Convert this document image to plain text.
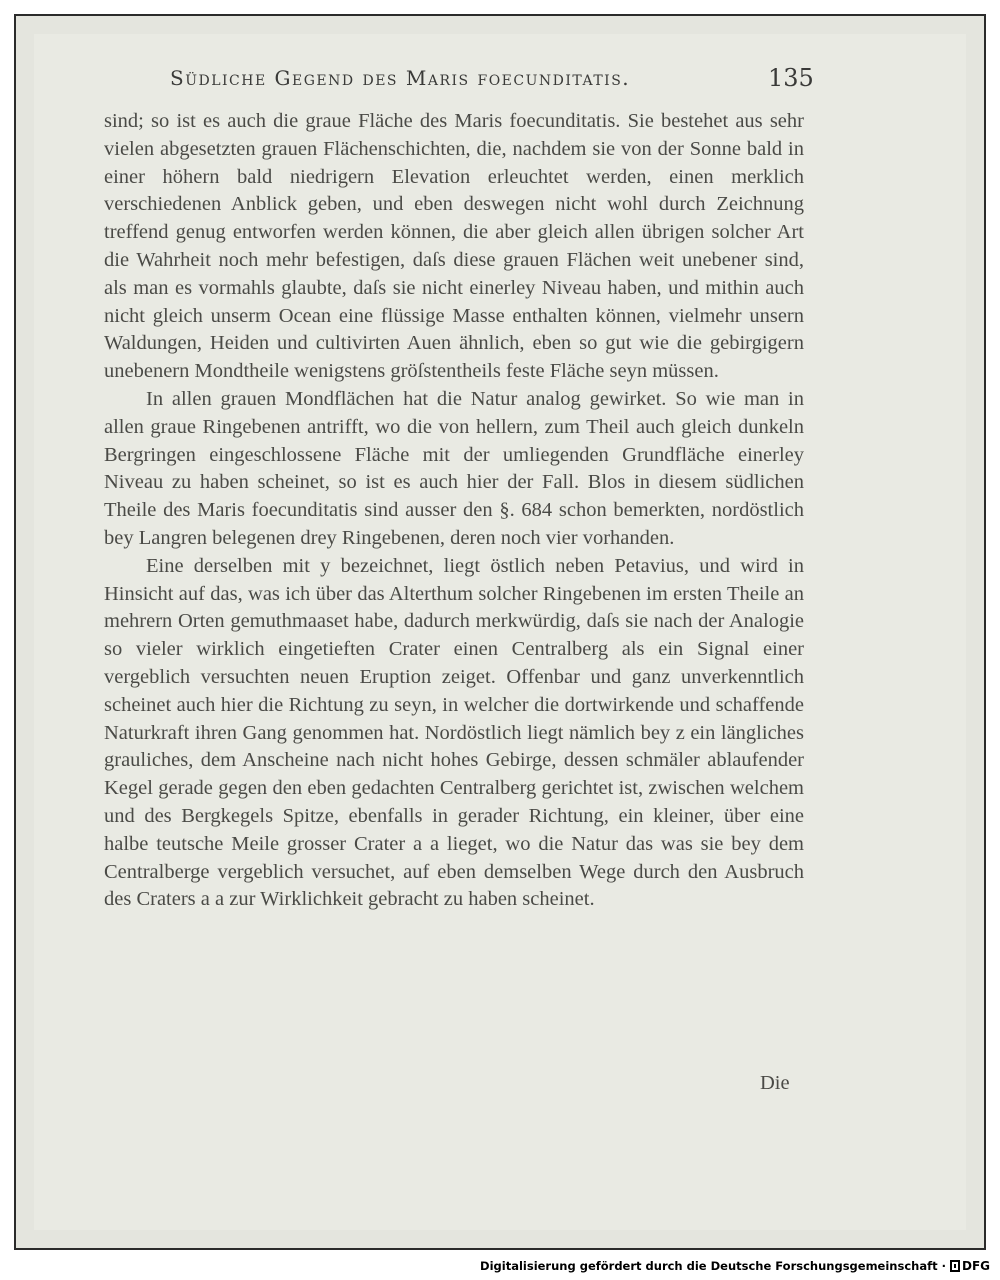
Südliche Gegend des Maris foecunditatis.	135

sind; so ist es auch die graue Fläche des Maris foecunditatis. Sie bestehet aus sehr vielen abgesetzten grauen Flächenschichten, die, nachdem sie von der Sonne bald in einer höhern bald niedrigern Elevation erleuchtet werden, einen merklich verschiedenen Anblick geben, und eben deswegen nicht wohl durch Zeichnung treffend genug entworfen werden können, die aber gleich allen übrigen solcher Art die Wahrheit noch mehr befestigen, daſs diese grauen Flächen weit unebener sind, als man es vormahls glaubte, daſs sie nicht einerley Niveau haben, und mithin auch nicht gleich unserm Ocean eine flüssige Masse enthalten können, vielmehr unsern Waldungen, Heiden und cultivirten Auen ähnlich, eben so gut wie die gebirgigern unebenern Mondtheile wenigstens gröſstentheils feste Fläche seyn müssen.

In allen grauen Mondflächen hat die Natur analog gewirket. So wie man in allen graue Ringebenen antrifft, wo die von hellern, zum Theil auch gleich dunkeln Bergringen eingeschlossene Fläche mit der umliegenden Grundfläche einerley Niveau zu haben scheinet, so ist es auch hier der Fall. Blos in diesem südlichen Theile des Maris foecunditatis sind ausser den §. 684 schon bemerkten, nordöstlich bey Langren belegenen drey Ringebenen, deren noch vier vorhanden.

Eine derselben mit y bezeichnet, liegt östlich neben Petavius, und wird in Hinsicht auf das, was ich über das Alterthum solcher Ringebenen im ersten Theile an mehrern Orten gemuthmaaset habe, dadurch merkwürdig, daſs sie nach der Analogie so vieler wirklich eingetieften Crater einen Centralberg als ein Signal einer vergeblich versuchten neuen Eruption zeiget. Offenbar und ganz unverkenntlich scheinet auch hier die Richtung zu seyn, in welcher die dortwirkende und schaffende Naturkraft ihren Gang genommen hat. Nordöstlich liegt nämlich bey z ein längliches grauliches, dem Anscheine nach nicht hohes Gebirge, dessen schmäler ablaufender Kegel gerade gegen den eben gedachten Centralberg gerichtet ist, zwischen welchem und des Bergkegels Spitze, ebenfalls in gerader Richtung, ein kleiner, über eine halbe teutsche Meile grosser Crater a a lieget, wo die Natur das was sie bey dem Centralberge vergeblich versuchet, auf eben demselben Wege durch den Ausbruch des Craters a a zur Wirklichkeit gebracht zu haben scheinet.

Die
Digitalisierung gefördert durch die Deutsche Forschungsgemeinschaft · DFG
